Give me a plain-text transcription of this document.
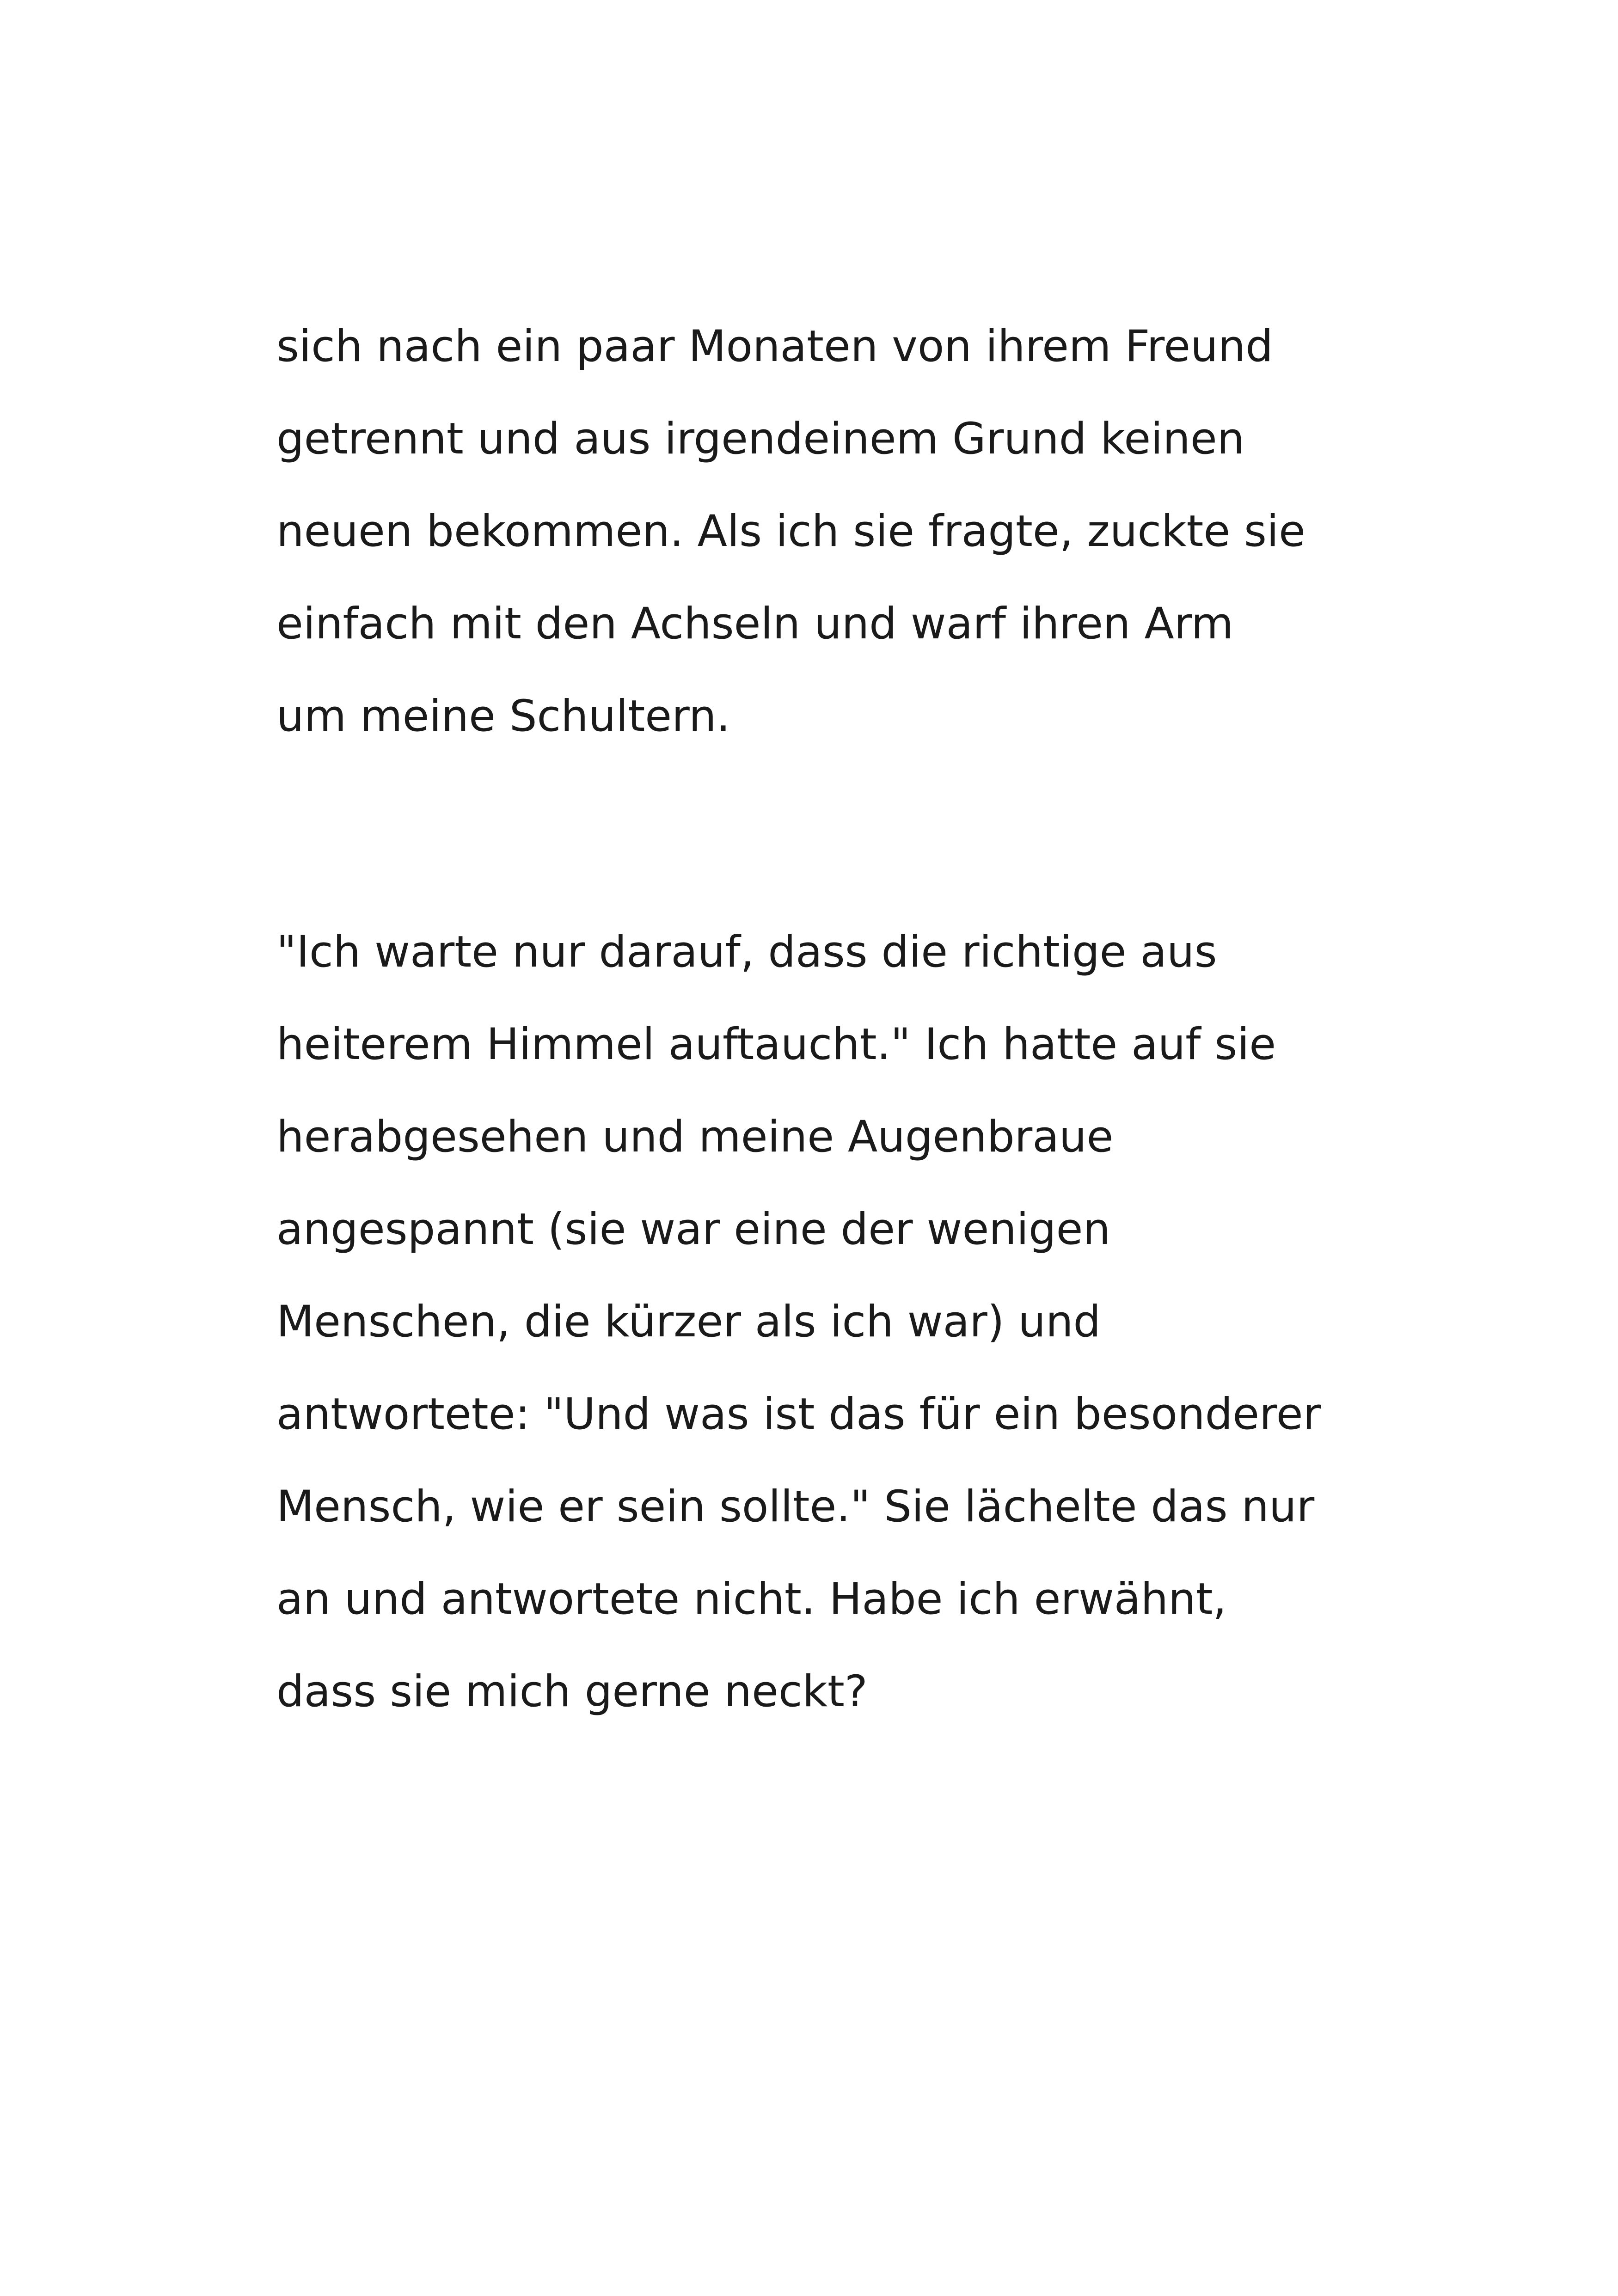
sich nach ein paar Monaten von ihrem Freund
getrennt und aus irgendeinem Grund keinen
neuen bekommen. Als ich sie fragte, zuckte sie
einfach mit den Achseln und warf ihren Arm
um meine Schultern.

"Ich warte nur darauf, dass die richtige aus
heiterem Himmel auftaucht." Ich hatte auf sie
herabgesehen und meine Augenbraue
angespannt (sie war eine der wenigen
Menschen, die kürzer als ich war) und
antwortete: "Und was ist das für ein besonderer
Mensch, wie er sein sollte." Sie lächelte das nur
an und antwortete nicht. Habe ich erwähnt,
dass sie mich gerne neckt?
